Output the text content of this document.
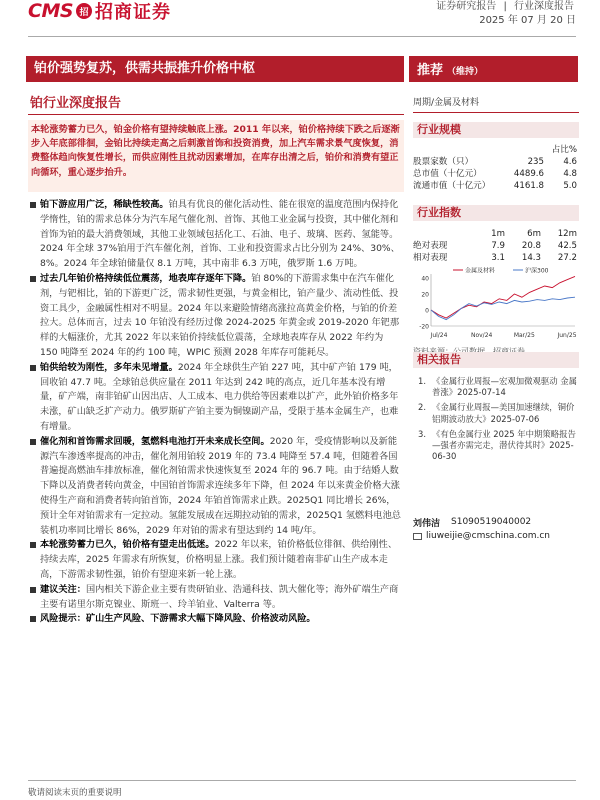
CMS 招 招商证券	证券研究报告 | 行业深度报告
2025 年 07 月 20 日
铂价强势复苏，供需共振推升价格中枢	推荐 （维持）
铂行业深度报告	周期/金属及材料
本轮涨势蓄力已久，铂金价格有望持续触底上涨。2011 年以来，铂价格持续下跌之后逐渐步入年底部徘徊，金铂比持续走高之后刺激首饰和投资消费，加上汽车需求景气度恢复，消费整体趋向恢复性增长，而供应刚性且扰动因素增加，在库存出清之后，铂价和消费有望正向循环，重心逐步抬升。
铂下游应用广泛，稀缺性较高。铂具有优良的催化活动性、能在很宽的温度范围内保持化学惰性，铂的需求总体分为汽车尾气催化剂、首饰、其他工业金属与投资，其中催化剂和首饰为铂的最大消费领域，其他工业领域包括化工、石油、电子、玻璃、医药、氢能等。2024 年全球 37%铂用于汽车催化剂，首饰、工业和投资需求占比分别为 24%、30%、8%。2024 年全球铂储量仅 8.1 万吨，其中南非 6.3 万吨，俄罗斯 1.6 万吨。
过去几年铂价格持续低位震荡，地表库存逐年下降。铂 80%的下游需求集中在汽车催化剂，与钯相比，铂的下游更广泛，需求韧性更强，与黄金相比，铂产量少、流动性低、投资工具少，金融属性相对不明显。2024 年以来避险情绪高涨拉高黄金价格，与铂的价差拉大。总体而言，过去 10 年铂没有经历过像 2024-2025 年黄金或 2019-2020 年钯那样的大幅涨价，尤其 2022 年以来铂价持续低位震荡，全球地表库存从 2022 年约为 150 吨降至 2024 年的约 100 吨，WPIC 预测 2028 年库存可能耗尽。
铂供给较为刚性，多年未见增量。2024 年全球供生产铂 227 吨，其中矿产铂 179 吨，回收铂 47.7 吨。全球铂总供应量在 2011 年达到 242 吨的高点，近几年基本没有增量，矿产端，南非铂矿山因出店、人工成本、电力供给等因素难以扩产，此外铂价格多年未涨，矿山缺乏扩产动力。俄罗斯矿产铂主要为铜镍副产品，受限于基本金属生产，也难有增量。
催化剂和首饰需求回暖，氢燃料电池打开未来成长空间。2020 年，受疫情影响以及新能源汽车渗透率提高的冲击，催化剂用铂较 2019 年的 73.4 吨降至 57.4 吨，但随着各国普遍提高燃油车排放标准，催化剂铂需求快速恢复至 2024 年的 96.7 吨。由于结婚人数下降以及消费者转向黄金，中国铂首饰需求连续多年下降，但 2024 年以来黄金价格大涨使得生产商和消费者转向铂首饰，2024 年铂首饰需求止跌。2025Q1 同比增长 26%，预计全年对铂需求有一定拉动。氢能发展成在远期拉动铂的需求，2025Q1 氢燃料电池总装机功率同比增长 86%，2029 年对铂的需求有望达到约 14 吨/年。
本轮涨势蓄力已久，铂价格有望走出低迷。2022 年以来，铂价格低位徘徊、供给刚性、持续去库，2025 年需求有所恢复，价格明显上涨。我们预计随着南非矿山生产成本走高，下游需求韧性强，铂价有望迎来新一轮上涨。
建议关注：国内相关下游企业主要有贵研铂业、浩通科技、凯大催化等；海外矿端生产商主要有诺里尔斯克镍业、斯班一、玲羊铂业、Valterra 等。
风险提示：矿山生产风险、下游需求大幅下降风险、价格波动风险。
行业规模
占比%
股票家数（只）	235	4.6
总市值（十亿元）	4489.6	4.8
流通市值（十亿元）	4161.8	5.0
行业指数
1m	6m	12m
绝对表现	7.9	20.8	42.5
相对表现	3.1	14.3	27.2
40
20
0
-20
Jul/24	Nov/24	Mar/25	Jun/25
金属及材料	沪深300
相关报告
1. 《金属行业周报—宏观加微观驱动 金属普涨》2025-07-14
2. 《金属行业周报—美国加速继续，铜价铝期波动放大》2025-07-06
3. 《有色金属行业 2025 年中期策略报告—强者亦需完走，潜伏待其时》2025-06-30
刘伟洁	S1090519040002
liuweijie@cmschina.com.cn
敬请阅读末页的重要说明
